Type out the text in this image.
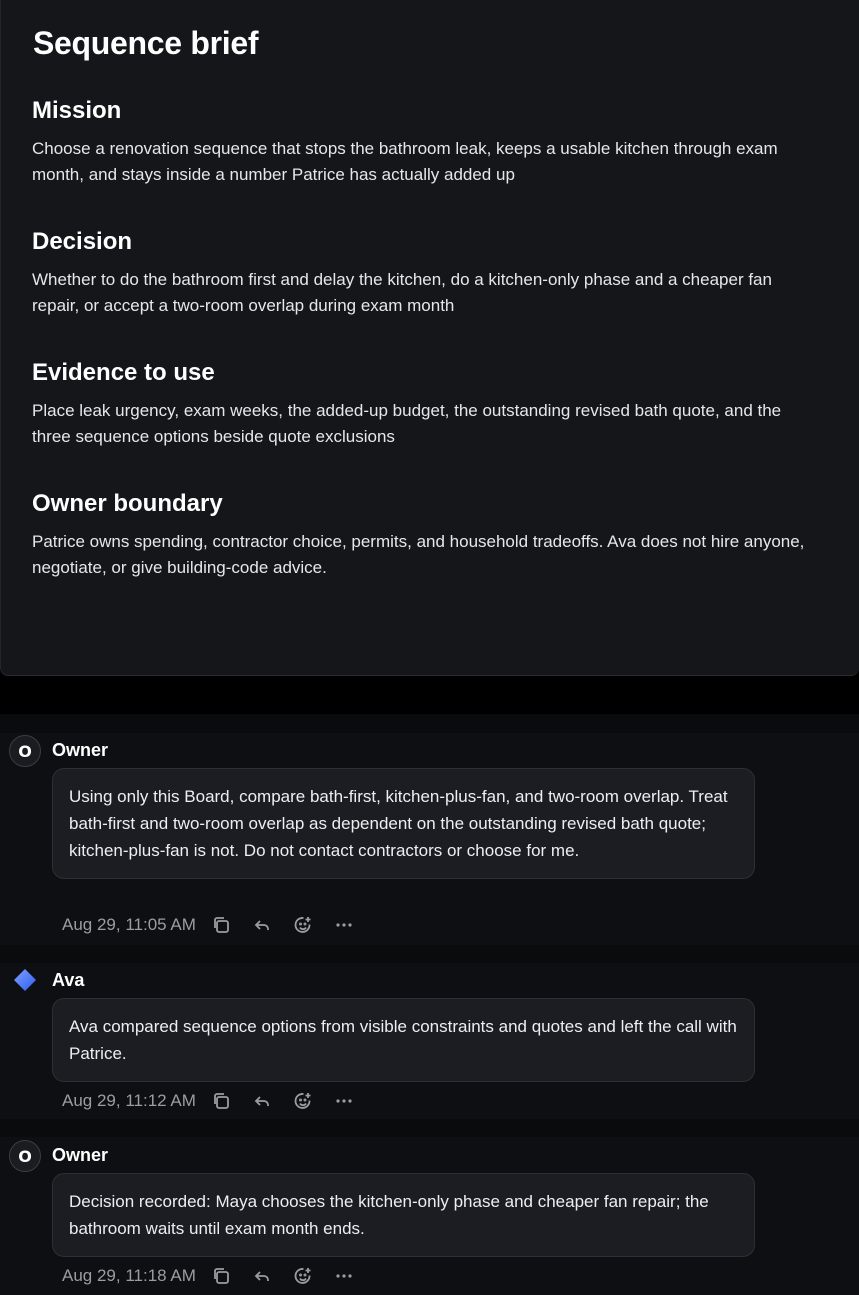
Sequence brief
Mission

Choose a renovation sequence that stops the bathroom leak, keeps a usable kitchen through exam month, and stays inside a number Patrice has actually added up

Decision

Whether to do the bathroom first and delay the kitchen, do a kitchen-only phase and a cheaper fan repair, or accept a two-room overlap during exam month

Evidence to use

Place leak urgency, exam weeks, the added-up budget, the outstanding revised bath quote, and the three sequence options beside quote exclusions

Owner boundary

Patrice owns spending, contractor choice, permits, and household tradeoffs. Ava does not hire anyone, negotiate, or give building-code advice.

O	Owner
Using only this Board, compare bath-first, kitchen-plus-fan, and two-room overlap. Treat bath-first and two-room overlap as dependent on the outstanding revised bath quote; kitchen-plus-fan is not. Do not contact contractors or choose for me.
Aug 29, 11:05 AM
Ava
Ava compared sequence options from visible constraints and quotes and left the call with Patrice.
Aug 29, 11:12 AM
O	Owner
Decision recorded: Maya chooses the kitchen-only phase and cheaper fan repair; the bathroom waits until exam month ends.
Aug 29, 11:18 AM
